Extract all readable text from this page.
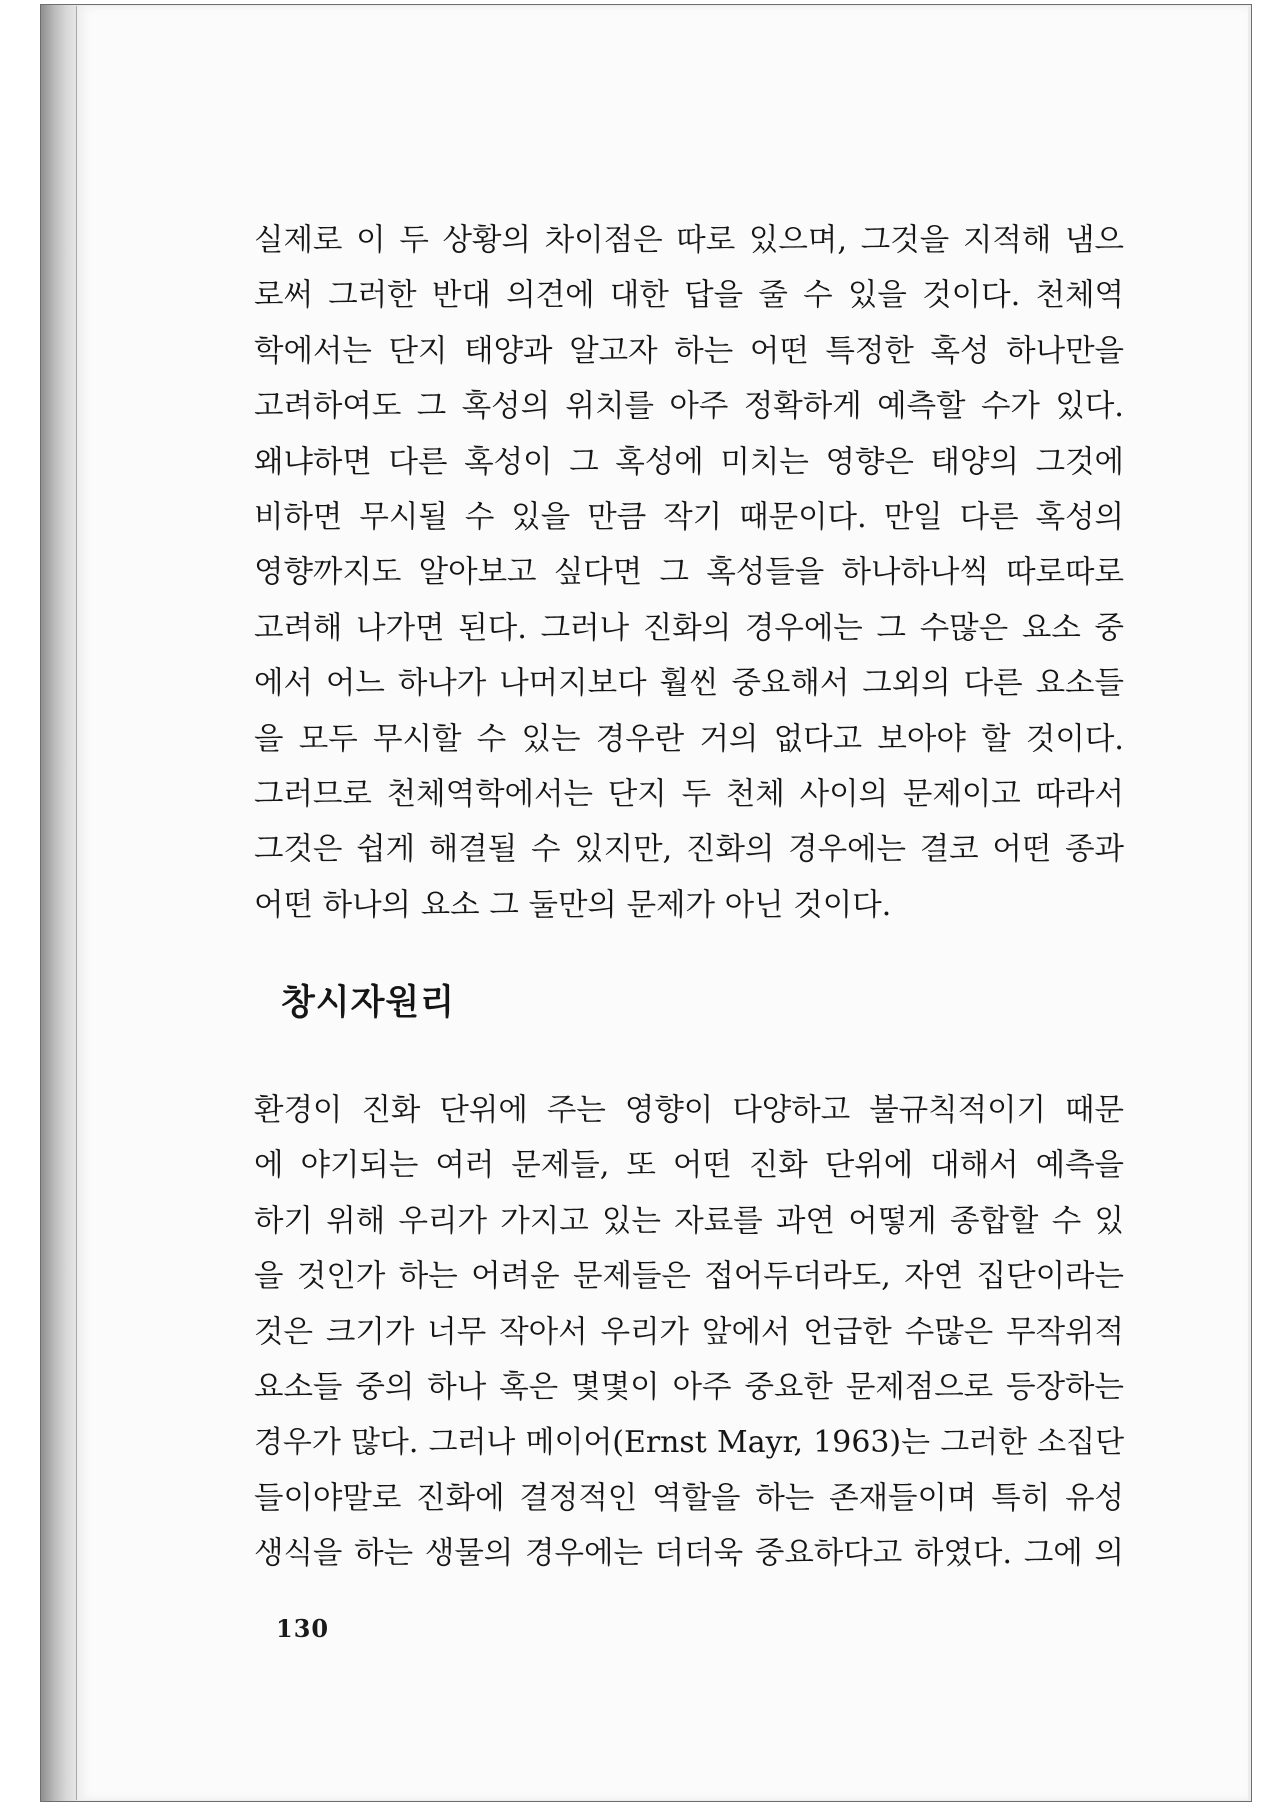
실제로 이 두 상황의 차이점은 따로 있으며, 그것을 지적해 냄으
로써 그러한 반대 의견에 대한 답을 줄 수 있을 것이다. 천체역
학에서는 단지 태양과 알고자 하는 어떤 특정한 혹성 하나만을
고려하여도 그 혹성의 위치를 아주 정확하게 예측할 수가 있다.
왜냐하면 다른 혹성이 그 혹성에 미치는 영향은 태양의 그것에
비하면 무시될 수 있을 만큼 작기 때문이다. 만일 다른 혹성의
영향까지도 알아보고 싶다면 그 혹성들을 하나하나씩 따로따로
고려해 나가면 된다. 그러나 진화의 경우에는 그 수많은 요소 중
에서 어느 하나가 나머지보다 훨씬 중요해서 그외의 다른 요소들
을 모두 무시할 수 있는 경우란 거의 없다고 보아야 할 것이다.
그러므로 천체역학에서는 단지 두 천체 사이의 문제이고 따라서
그것은 쉽게 해결될 수 있지만, 진화의 경우에는 결코 어떤 종과
어떤 하나의 요소 그 둘만의 문제가 아닌 것이다.
창시자원리
환경이 진화 단위에 주는 영향이 다양하고 불규칙적이기 때문
에 야기되는 여러 문제들, 또 어떤 진화 단위에 대해서 예측을
하기 위해 우리가 가지고 있는 자료를 과연 어떻게 종합할 수 있
을 것인가 하는 어려운 문제들은 접어두더라도, 자연 집단이라는
것은 크기가 너무 작아서 우리가 앞에서 언급한 수많은 무작위적
요소들 중의 하나 혹은 몇몇이 아주 중요한 문제점으로 등장하는
경우가 많다. 그러나 메이어(Ernst Mayr, 1963)는 그러한 소집단
들이야말로 진화에 결정적인 역할을 하는 존재들이며 특히 유성
생식을 하는 생물의 경우에는 더더욱 중요하다고 하였다. 그에 의
130
